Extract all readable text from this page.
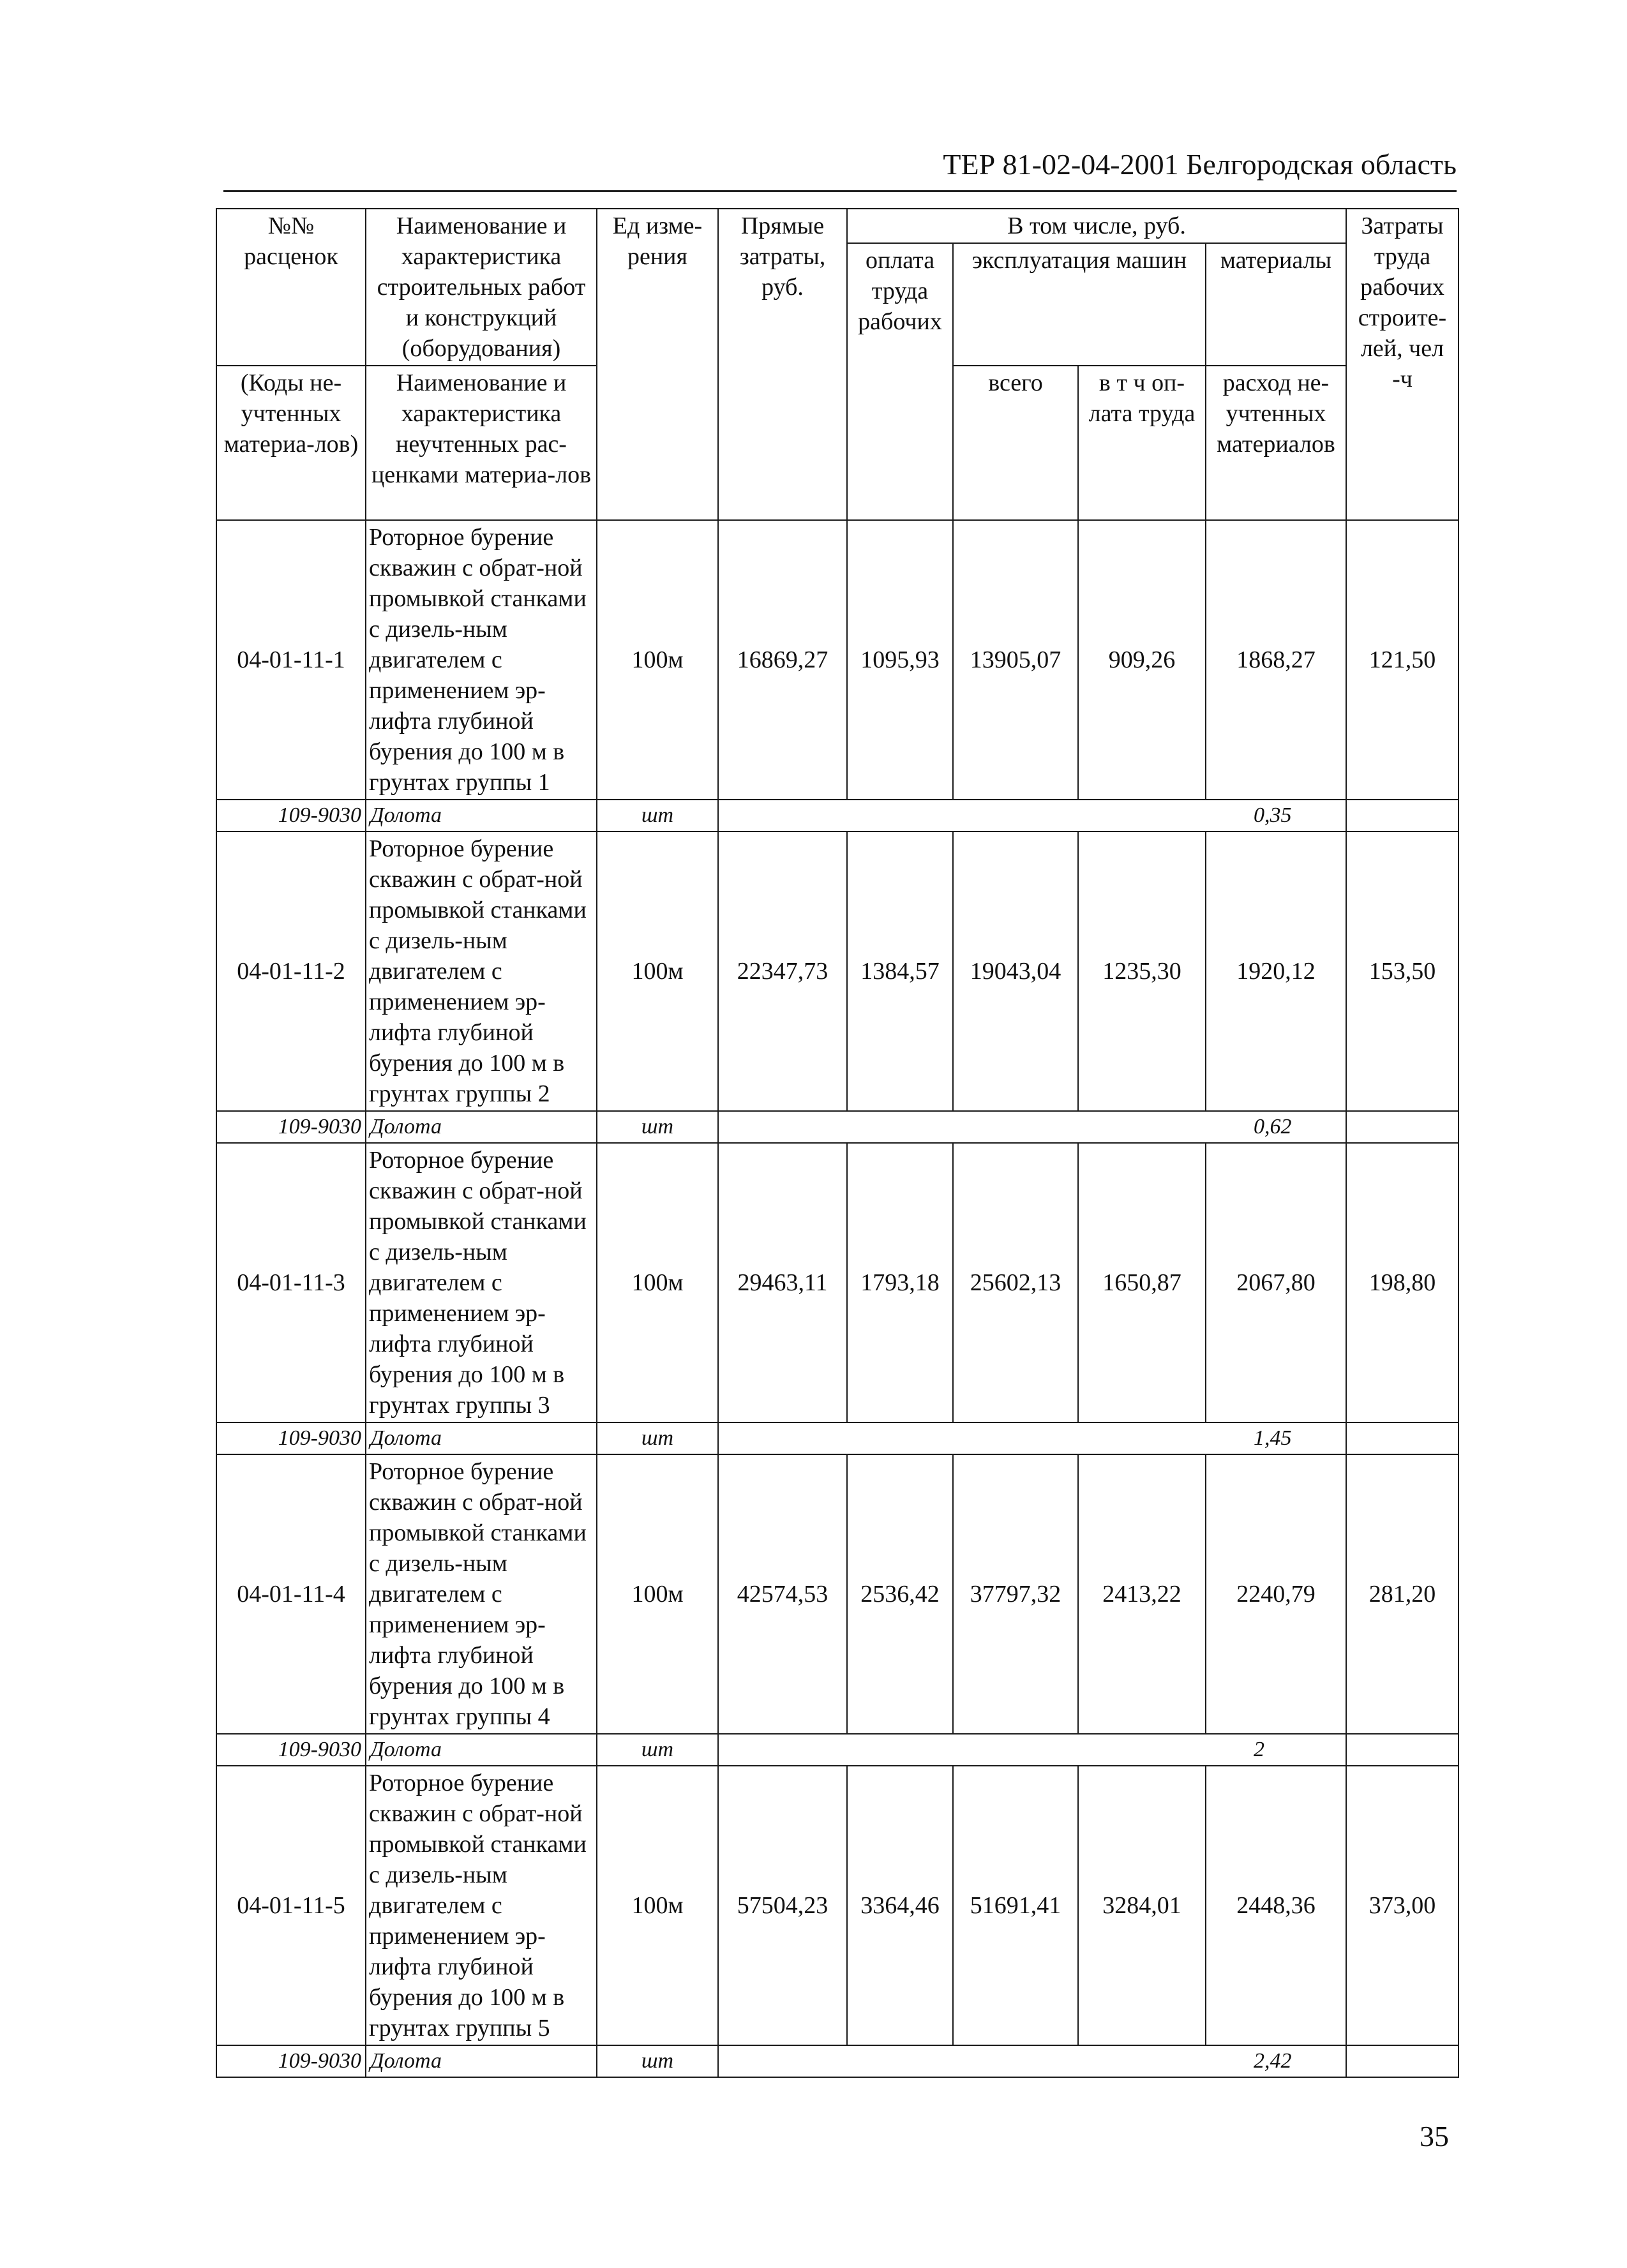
ТЕР 81-02-04-2001 Белгородская область
№№ расценок	Наименование и характеристика строительных работ и конструкций (оборудования)	Ед изме-рения	Прямые затраты, руб.	В том числе, руб.				Затраты труда рабочих строите-лей, чел -ч
				оплата труда рабочих	эксплуатация машин		материалы	
(Коды не-учтенных материа-лов)	Наименование и характеристика неучтенных рас-ценками материа-лов				всего	в т ч оп-лата труда	расход не-учтенных материалов	

04-01-11-1	Роторное бурение скважин с обрат-ной промывкой станками с дизель-ным двигателем с применением эр-лифта глубиной бурения до 100 м в грунтах группы 1	100м	16869,27	1095,93	13905,07	909,26	1868,27	121,50
109-9030	Долота	шт	0,35					
04-01-11-2	Роторное бурение скважин с обрат-ной промывкой станками с дизель-ным двигателем с применением эр-лифта глубиной бурения до 100 м в грунтах группы 2	100м	22347,73	1384,57	19043,04	1235,30	1920,12	153,50
109-9030	Долота	шт	0,62					
04-01-11-3	Роторное бурение скважин с обрат-ной промывкой станками с дизель-ным двигателем с применением эр-лифта глубиной бурения до 100 м в грунтах группы 3	100м	29463,11	1793,18	25602,13	1650,87	2067,80	198,80
109-9030	Долота	шт	1,45					
04-01-11-4	Роторное бурение скважин с обрат-ной промывкой станками с дизель-ным двигателем с применением эр-лифта глубиной бурения до 100 м в грунтах группы 4	100м	42574,53	2536,42	37797,32	2413,22	2240,79	281,20
109-9030	Долота	шт	2					
04-01-11-5	Роторное бурение скважин с обрат-ной промывкой станками с дизель-ным двигателем с применением эр-лифта глубиной бурения до 100 м в грунтах группы 5	100м	57504,23	3364,46	51691,41	3284,01	2448,36	373,00
109-9030	Долота	шт	2,42					
35
